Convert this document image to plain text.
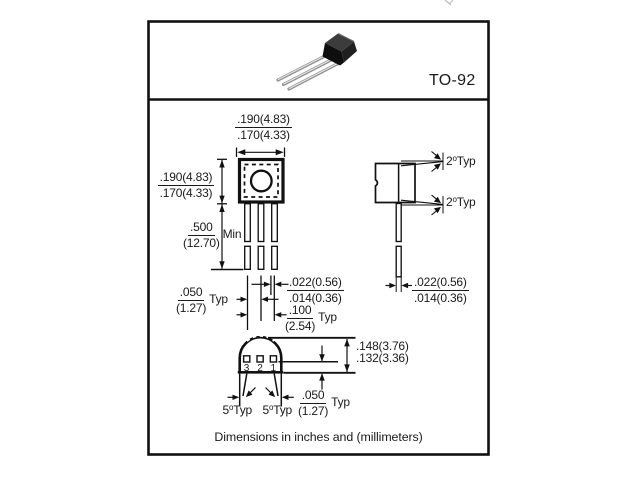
TO-92
$\frac{.190(4.83)}{.170(4.33)}$
$\frac{.190(4.83)}{.170(4.33)}$
$\frac{.500}{(12.70)}$ Min
$\frac{.022(0.56)}{.014(0.36)}$
$\frac{.050}{(1.27)}$ Typ
$\frac{.100}{(2.54)}$ Typ
2$^o$Typ
2$^o$Typ
$\frac{.022(0.56)}{.014(0.36)}$
.148(3.76)
.132(3.36)
$\frac{.050}{(1.27)}$ Typ
5$^o$Typ 5$^o$Typ
3 2 1
Dimensions in inches and (millimeters)
